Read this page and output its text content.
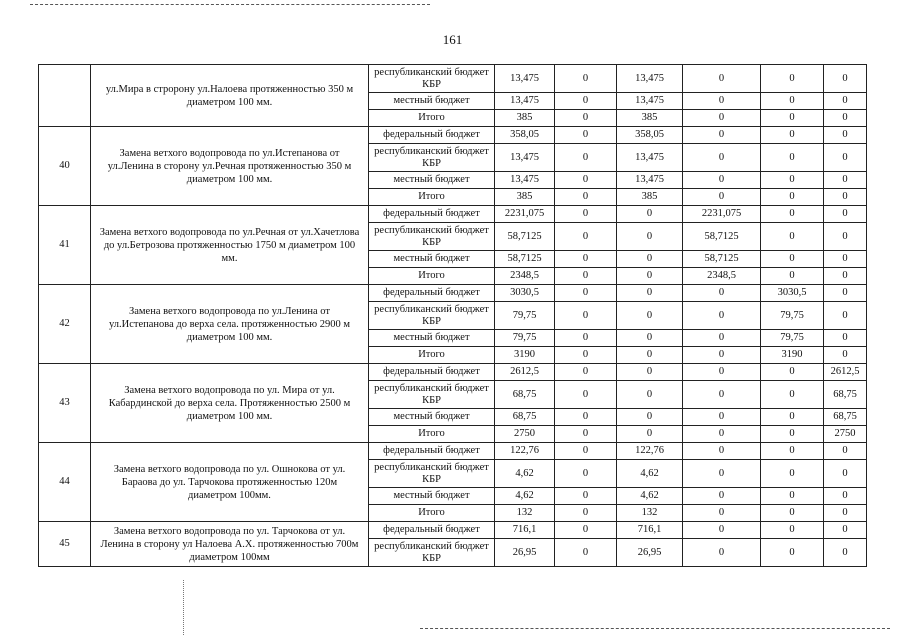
161
	ул.Мира в стророну ул.Налоева протяженностью 350 м диаметром 100 мм.	республиканский бюджет КБР	13,475	0	13,475	0	0	0
		местный бюджет	13,475	0	13,475	0	0	0
		Итого	385	0	385	0	0	0
40	Замена ветхого водопровода по ул.Истепанова от ул.Ленина в сторону ул.Речная протяженностью 350 м диаметром 100 мм.	федеральный бюджет	358,05	0	358,05	0	0	0
		республиканский бюджет КБР	13,475	0	13,475	0	0	0
		местный бюджет	13,475	0	13,475	0	0	0
		Итого	385	0	385	0	0	0
41	Замена ветхого водопровода по ул.Речная от ул.Хачетлова до ул.Бетрозова протяженностью 1750 м диаметром 100 мм.	федеральный бюджет	2231,075	0	0	2231,075	0	0
		республиканский бюджет КБР	58,7125	0	0	58,7125	0	0
		местный бюджет	58,7125	0	0	58,7125	0	0
		Итого	2348,5	0	0	2348,5	0	0
42	Замена ветхого водопровода по ул.Ленина от ул.Истепанова до верха села. протяженностью 2900 м диаметром 100 мм.	федеральный бюджет	3030,5	0	0	0	3030,5	0
		республиканский бюджет КБР	79,75	0	0	0	79,75	0
		местный бюджет	79,75	0	0	0	79,75	0
		Итого	3190	0	0	0	3190	0
43	Замена ветхого водопровода по ул. Мира от ул. Кабардинской до верха села. Протяженностью 2500 м диаметром 100 мм.	федеральный бюджет	2612,5	0	0	0	0	2612,5
		республиканский бюджет КБР	68,75	0	0	0	0	68,75
		местный бюджет	68,75	0	0	0	0	68,75
		Итого	2750	0	0	0	0	2750
44	Замена ветхого водопровода по ул. Ошнокова от ул. Бараова до ул. Тарчокова протяженностью 120м диаметром 100мм.	федеральный бюджет	122,76	0	122,76	0	0	0
		республиканский бюджет КБР	4,62	0	4,62	0	0	0
		местный бюджет	4,62	0	4,62	0	0	0
		Итого	132	0	132	0	0	0
45	Замена ветхого водопровода по ул. Тарчокова от ул. Ленина в сторону ул Налоева А.Х. протяженностью 700м диаметром 100мм	федеральный бюджет	716,1	0	716,1	0	0	0
		республиканский бюджет КБР	26,95	0	26,95	0	0	0
